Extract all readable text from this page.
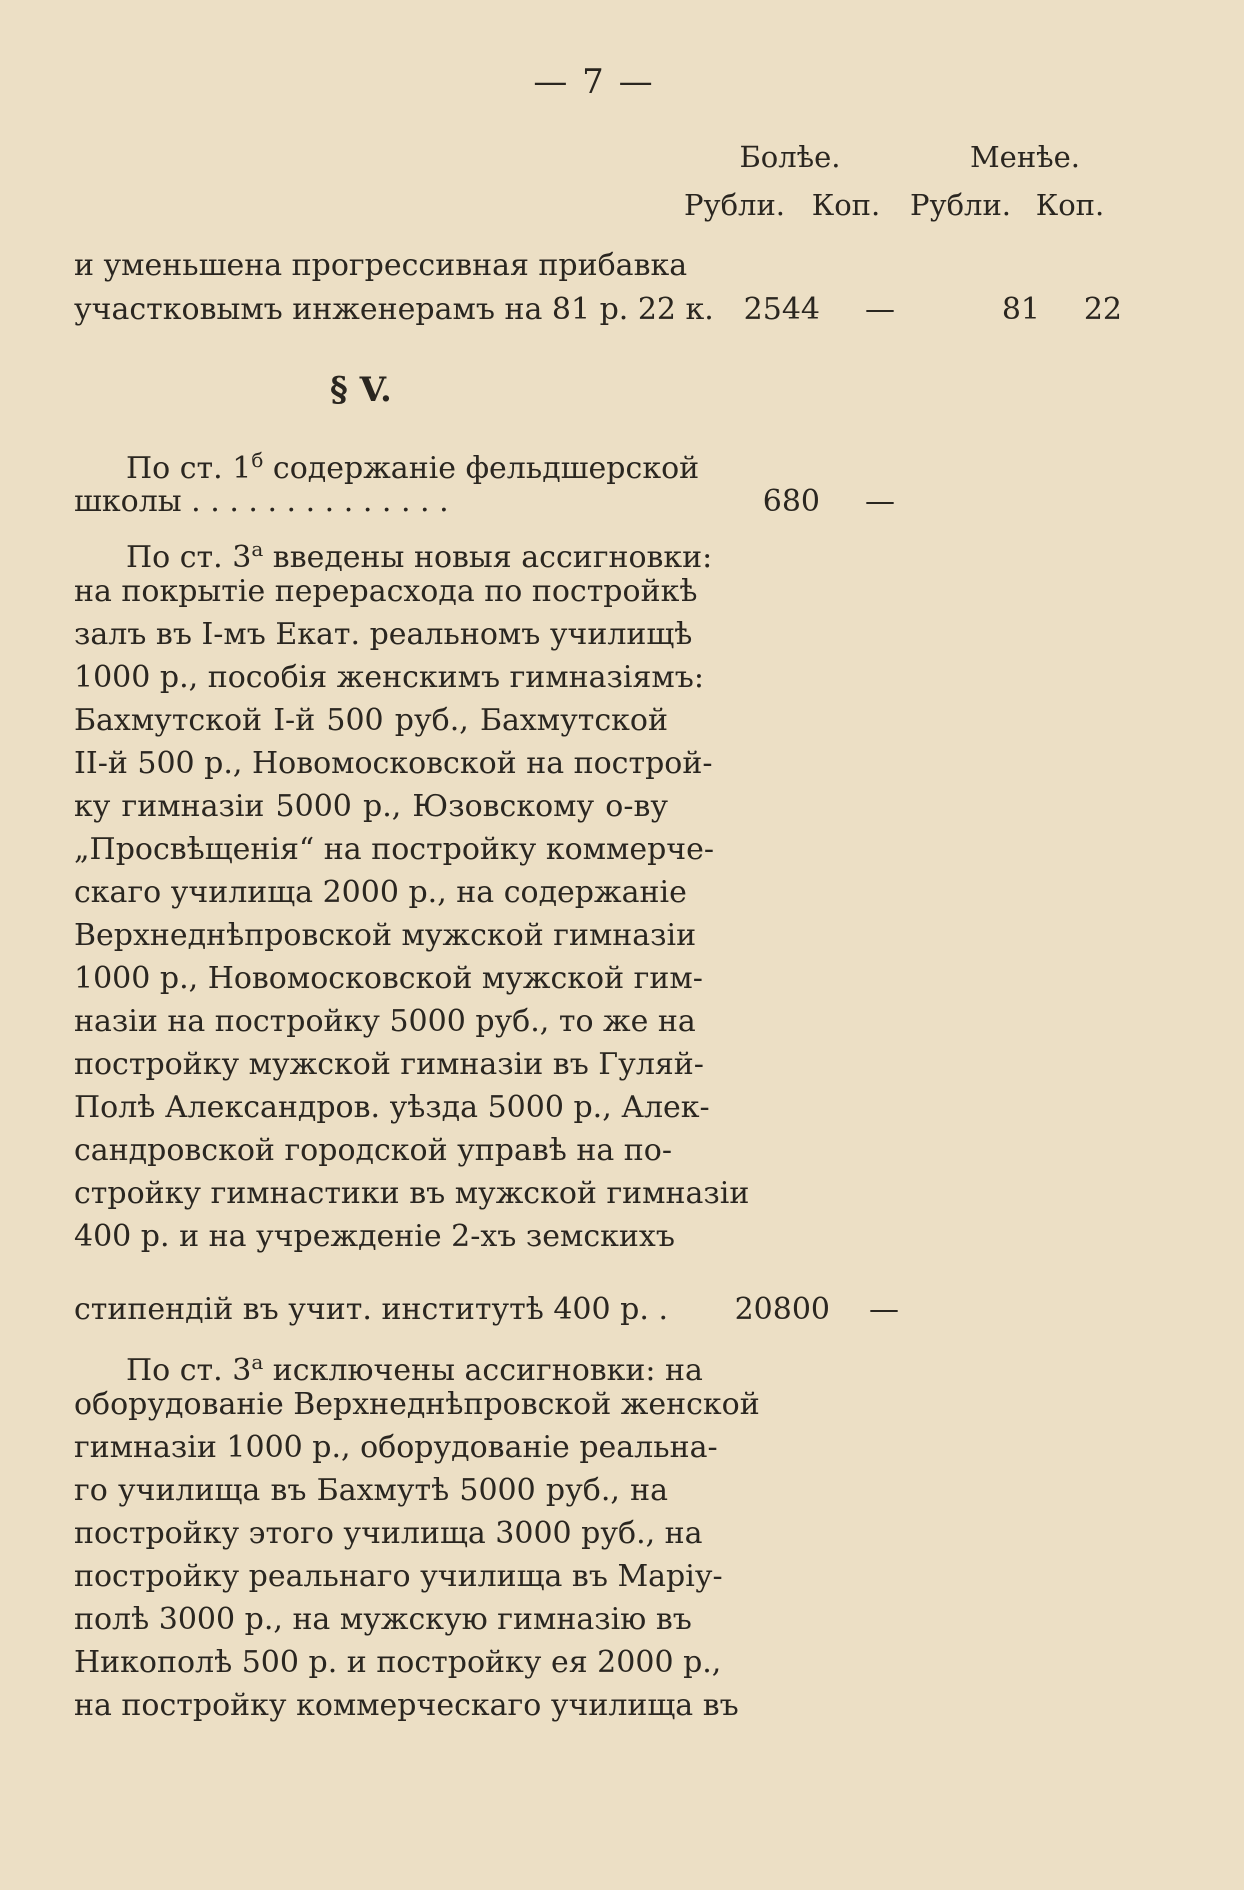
— 7 —
Болѣе.	Менѣе.
Рубли. Коп. Рубли. Коп.
и уменьшена прогрессивная прибавка
участковымъ инженерамъ на 81 р. 22 к. 2544 —	81	22
§ V.
По ст. $1^б$ содержаніе фельдшерской
школы . . . . . . . . . . . . . .	680 —
По ст. $3^а$ введены новыя ассигновки:
на покрытіе перерасхода по постройкѣ
залъ въ І-мъ Екат. реальномъ училищѣ
1000 р., пособія женскимъ гимназіямъ:
Бахмутской І-й 500 руб., Бахмутской
ІІ-й 500 р., Новомосковской на построй-
ку гимназіи 5000 р., Юзовскому о-ву
„Просвѣщенія“ на постройку коммерче-
скаго училища 2000 р., на содержаніе
Верхнеднѣпровской мужской гимназіи
1000 р., Новомосковской мужской гим-
назіи на постройку 5000 руб., то же на
постройку мужской гимназіи въ Гуляй-
Полѣ Александров. уѣзда 5000 р., Алек-
сандровской городской управѣ на по-
стройку гимнастики въ мужской гимназіи
400 р. и на учрежденіе 2-хъ земскихъ
стипендій въ учит. институтѣ 400 р. . 20800 —
По ст. $3^а$ исключены ассигновки: на
оборудованіе Верхнеднѣпровской женской
гимназіи 1000 р., оборудованіе реальна-
го училища въ Бахмутѣ 5000 руб., на
постройку этого училища 3000 руб., на
постройку реальнаго училища въ Маріу-
полѣ 3000 р., на мужскую гимназію въ
Никополѣ 500 р. и постройку ея 2000 р.,
на постройку коммерческаго училища въ
